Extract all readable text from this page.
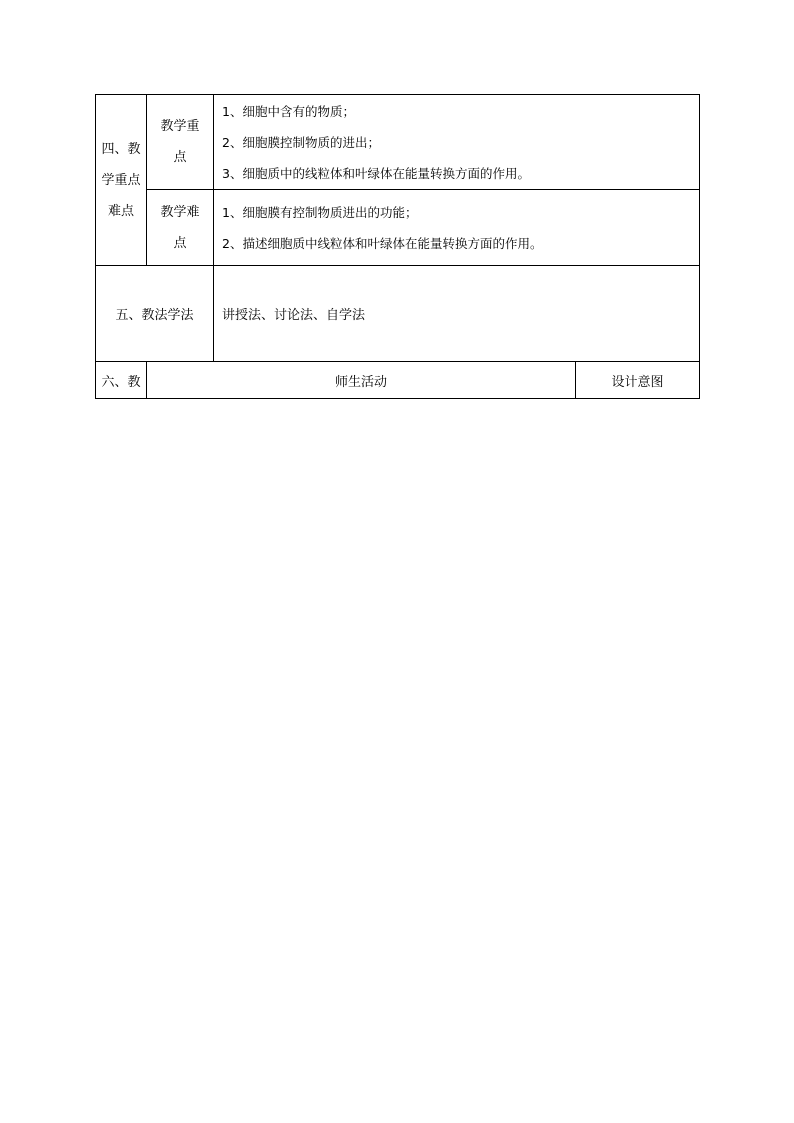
四、教学重点难点	教学重点	1、细胞中含有的物质；
2、细胞膜控制物质的进出；
3、细胞质中的线粒体和叶绿体在能量转换方面的作用。	

	教学难点	1、细胞膜有控制物质进出的功能；
2、描述细胞质中线粒体和叶绿体在能量转换方面的作用。	

五、教法学法		讲授法、讨论法、自学法	
六、教	师生活动		设计意图
